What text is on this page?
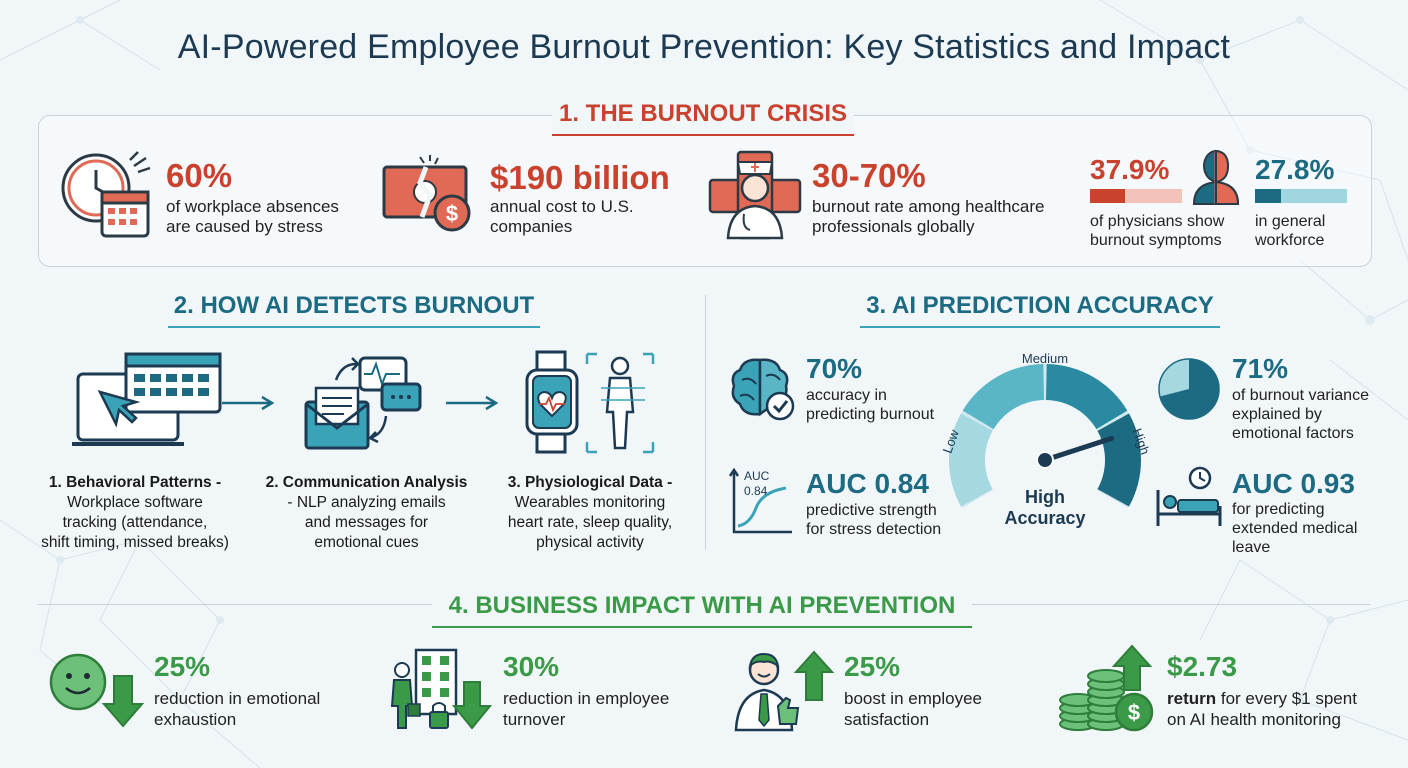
AI-Powered Employee Burnout Prevention: Key Statistics and Impact
1. THE BURNOUT CRISIS
60%
of workplace absences
are caused by stress
$
$190 billion
annual cost to U.S.
companies
30-70%
burnout rate among healthcare
professionals globally
37.9%
of physicians show
burnout symptoms
27.8%
in general
workforce
2. HOW AI DETECTS BURNOUT
1. Behavioral Patterns -
Workplace software
tracking (attendance,
shift timing, missed breaks)
2. Communication Analysis
- NLP analyzing emails
and messages for
emotional cues
3. Physiological Data -
Wearables monitoring
heart rate, sleep quality,
physical activity
3. AI PREDICTION ACCURACY
70%
accuracy in
predicting burnout
AUC
0.84 AUC 0.84
predictive strength
for stress detection
High
Accuracy
Medium
Low	High
71%
of burnout variance
explained by
emotional factors
AUC 0.93
for predicting
extended medical
leave
4. BUSINESS IMPACT WITH AI PREVENTION
25%
reduction in emotional
exhaustion
30%
reduction in employee
turnover
25%
boost in employee
satisfaction	$
$2.73
return for every $1 spent
on AI health monitoring
